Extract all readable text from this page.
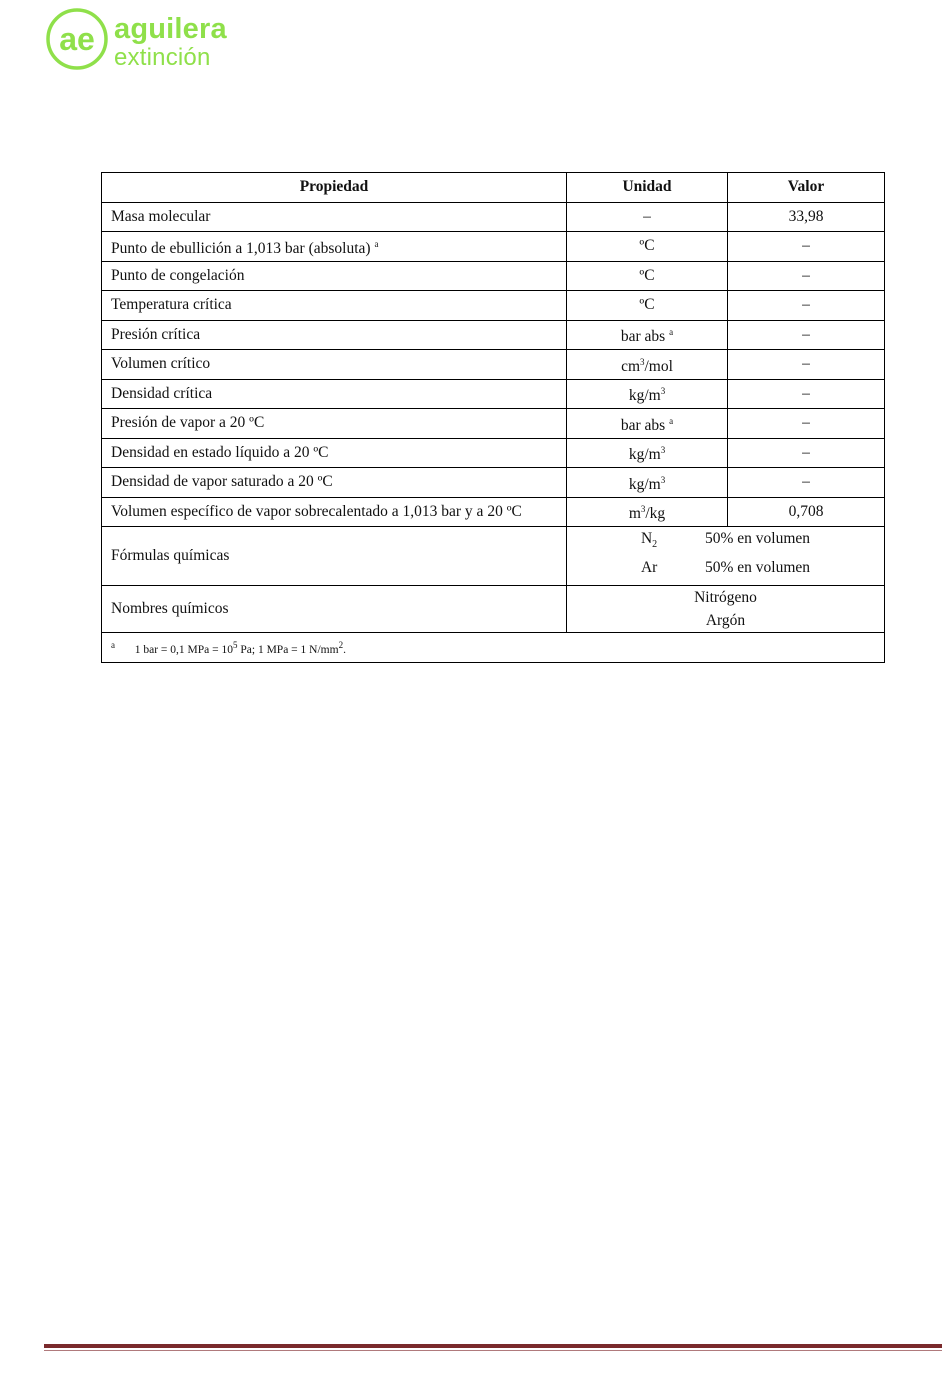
ae aguilera
extinción
Propiedad	Unidad	Valor
Masa molecular	–	33,98
Punto de ebullición a 1,013 bar (absoluta) $^a$	ºC	–
Punto de congelación	ºC	–
Temperatura crítica	ºC	–
Presión crítica	bar abs $^a$	–
Volumen crítico	$cm^3$/mol	–
Densidad crítica	$kg/m^3$	–
Presión de vapor a 20 ºC	bar abs $^a$	–
Densidad en estado líquido a 20 ºC	$kg/m^3$	–
Densidad de vapor saturado a 20 ºC	$kg/m^3$	–
Volumen específico de vapor sobrecalentado a 1,013 bar y a 20 ºC	$m^3/kg$	0,708
Fórmulas químicas	$N_2$ 50% en volumen
Ar 50% en volumen	

Nombres químicos	Nitrógeno
Argón	

$^a$ 1 bar = 0,1 MPa = $10^5$ Pa; 1 MPa = 1 $N/mm^2$.		
